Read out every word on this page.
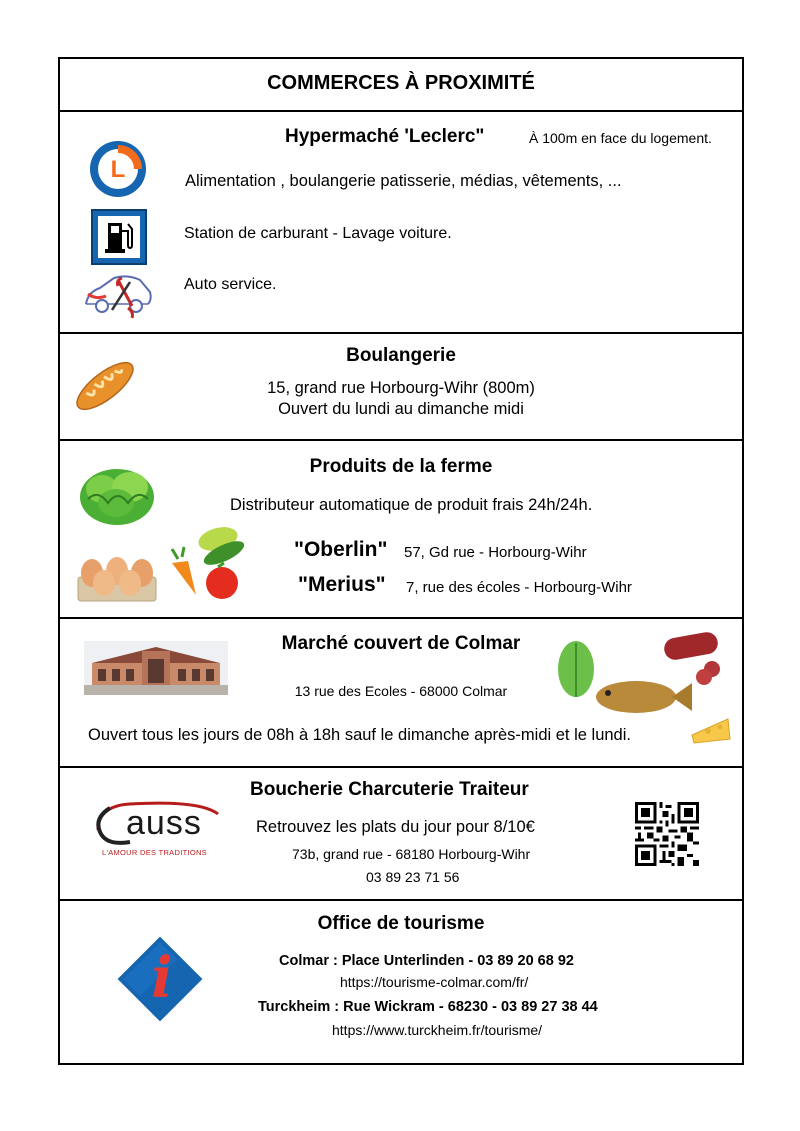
COMMERCES À PROXIMITÉ
Hypermaché 'Leclerc"	À 100m en face du logement.
L	Alimentation , boulangerie patisserie, médias, vêtements, ...
Station de carburant - Lavage voiture.
Auto service.
Boulangerie
15, grand rue Horbourg-Wihr (800m)
Ouvert du lundi au dimanche midi
Produits de la ferme
Distributeur automatique de produit frais 24h/24h.
"Oberlin" 57, Gd rue - Horbourg-Wihr
"Merius" 7, rue des écoles - Horbourg-Wihr
Marché couvert de Colmar
13 rue des Ecoles - 68000 Colmar
Ouvert tous les jours de 08h à 18h sauf le dimanche après-midi et le lundi.
Boucherie Charcuterie Traiteur
auss
L'AMOUR DES TRADITIONS
Retrouvez les plats du jour pour 8/10€
73b, grand rue - 68180 Horbourg-Wihr
03 89 23 71 56
Office de tourisme
i	Colmar : Place Unterlinden - 03 89 20 68 92
https://tourisme-colmar.com/fr/
Turckheim : Rue Wickram - 68230 - 03 89 27 38 44
https://www.turckheim.fr/tourisme/
